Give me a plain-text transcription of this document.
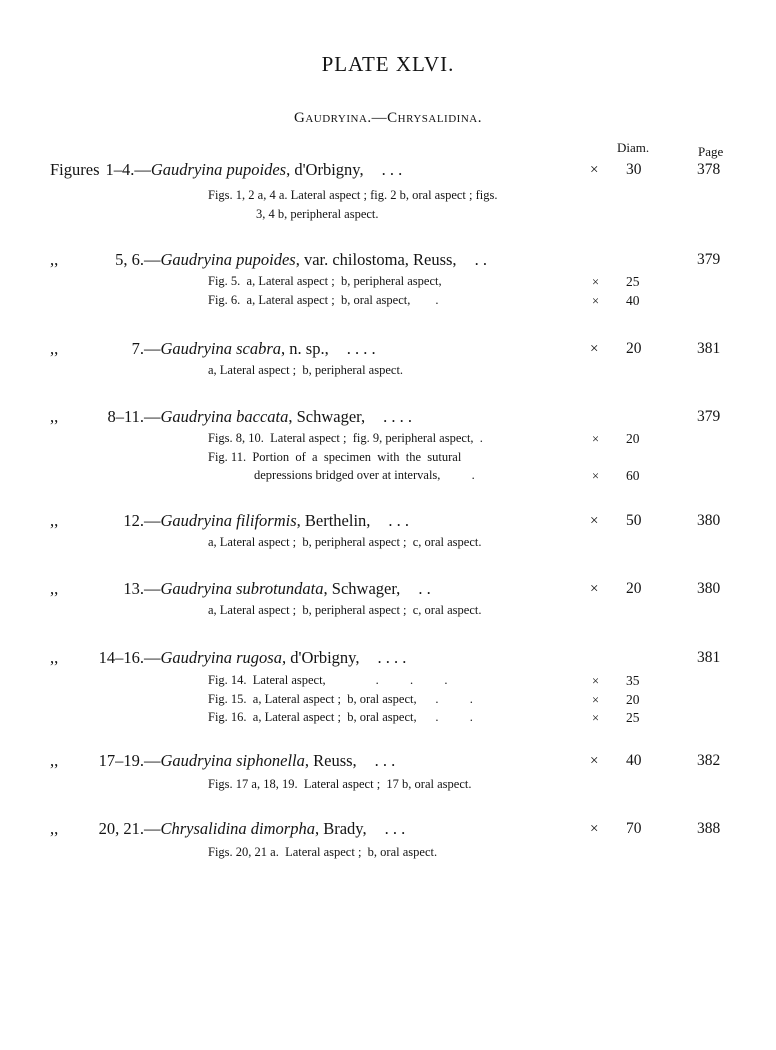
PLATE XLVI.
Gaudryina.—Chrysalidina.
Diam.	Page
Figures 1–4.—Gaudryina pupoides, d'Orbigny, . . .	× 30	378
Figs. 1, 2 a, 4 a. Lateral aspect ; fig. 2 b, oral aspect ; figs.
3, 4 b, peripheral aspect.
,,	5, 6.—Gaudryina pupoides, var. chilostoma, Reuss, . .	379
Fig. 5.  a, Lateral aspect ;  b, peripheral aspect,	× 25
Fig. 6.  a, Lateral aspect ;  b, oral aspect,        .	× 40
,,	7.—Gaudryina scabra, n. sp., . . . .	× 20	381
a, Lateral aspect ;  b, peripheral aspect.
,,	8–11.—Gaudryina baccata, Schwager, . . . .	379
Figs. 8, 10.  Lateral aspect ;  fig. 9, peripheral aspect,  .	× 20
Fig. 11.  Portion  of  a  specimen  with  the  sutural
depressions bridged over at intervals,          .	× 60
,,	12.—Gaudryina filiformis, Berthelin, . . .	× 50	380
a, Lateral aspect ;  b, peripheral aspect ;  c, oral aspect.
,,	13.—Gaudryina subrotundata, Schwager, . .	× 20	380
a, Lateral aspect ;  b, peripheral aspect ;  c, oral aspect.
,, 14–16.—Gaudryina rugosa, d'Orbigny, . . . .	381
Fig. 14.  Lateral aspect,                .          .          .	× 35
Fig. 15.  a, Lateral aspect ;  b, oral aspect,      .          .	× 20
Fig. 16.  a, Lateral aspect ;  b, oral aspect,      .          .	× 25
,, 17–19.—Gaudryina siphonella, Reuss, . . .	× 40	382
Figs. 17 a, 18, 19.  Lateral aspect ;  17 b, oral aspect.
,, 20, 21.—Chrysalidina dimorpha, Brady, . . .	× 70	388
Figs. 20, 21 a.  Lateral aspect ;  b, oral aspect.
